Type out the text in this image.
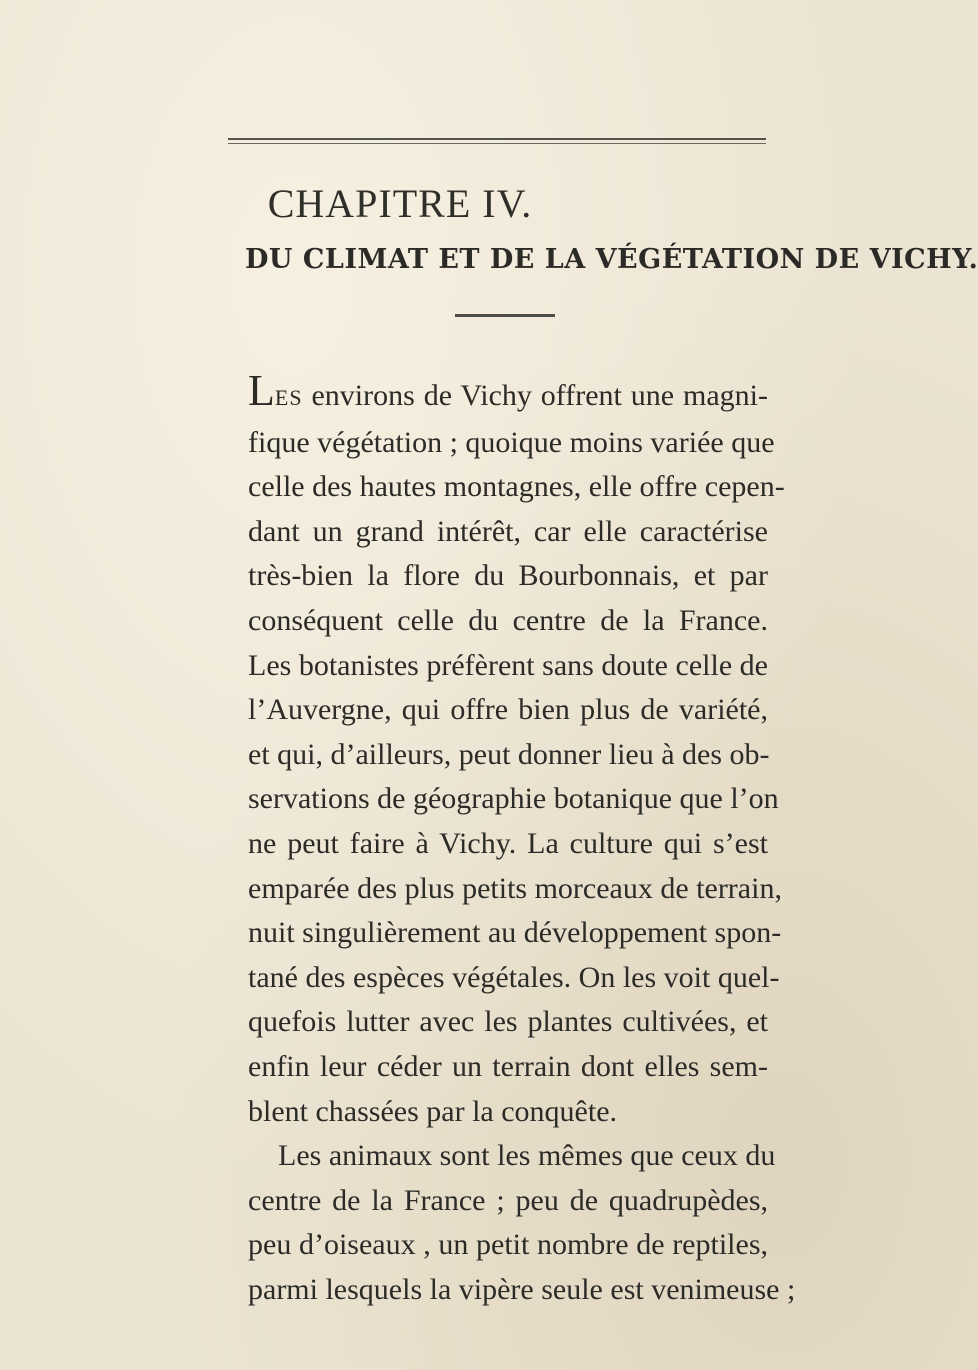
CHAPITRE IV.
DU CLIMAT ET DE LA VÉGÉTATION DE VICHY.
LES environs de Vichy offrent une magni-
fique végétation ; quoique moins variée que
celle des hautes montagnes, elle offre cepen-
dant un grand intérêt, car elle caractérise
très-bien la flore du Bourbonnais, et par
conséquent celle du centre de la France.
Les botanistes préfèrent sans doute celle de
l’Auvergne, qui offre bien plus de variété,
et qui, d’ailleurs, peut donner lieu à des ob-
servations de géographie botanique que l’on
ne peut faire à Vichy. La culture qui s’est
emparée des plus petits morceaux de terrain,
nuit singulièrement au développement spon-
tané des espèces végétales. On les voit quel-
quefois lutter avec les plantes cultivées, et
enfin leur céder un terrain dont elles sem-
blent chassées par la conquête.
Les animaux sont les mêmes que ceux du
centre de la France ; peu de quadrupèdes,
peu d’oiseaux , un petit nombre de reptiles,
parmi lesquels la vipère seule est venimeuse ;
